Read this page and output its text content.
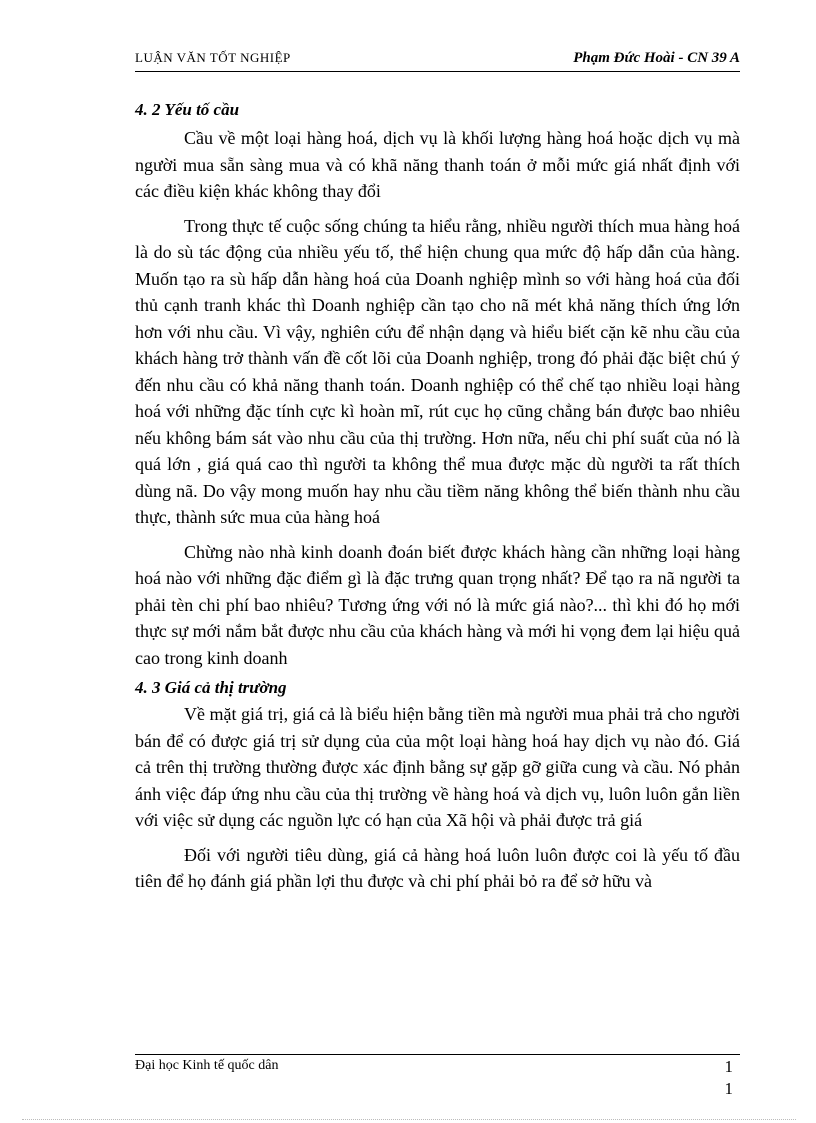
LUẬN VĂN TỐT NGHIỆP	Phạm Đức Hoài - CN 39 A
4. 2 Yếu tố cầu

Cầu về một loại hàng hoá, dịch vụ là khối lượng hàng hoá hoặc dịch vụ mà người mua sẵn sàng mua và có khã năng thanh toán ở mỗi mức giá nhất định với các điều kiện khác không thay đổi

Trong thực tế cuộc sống chúng ta hiểu rằng, nhiều người thích mua hàng hoá là do sù tác động của nhiều yếu tố, thể hiện chung qua mức độ hấp dẫn của hàng. Muốn tạo ra sù hấp dẫn hàng hoá của Doanh nghiệp mình so với hàng hoá của đối thủ cạnh tranh khác thì Doanh nghiệp cần tạo cho nã mét khả năng thích ứng lớn hơn với nhu cầu. Vì vậy, nghiên cứu để nhận dạng và hiểu biết cặn kẽ nhu cầu của khách hàng trở thành vấn đề cốt lõi của Doanh nghiệp, trong đó phải đặc biệt chú ý đến nhu cầu có khả năng thanh toán. Doanh nghiệp có thể chế tạo nhiều loại hàng hoá với những đặc tính cực kì hoàn mĩ, rút cục họ cũng chẳng bán được bao nhiêu nếu không bám sát vào nhu cầu của thị trường. Hơn nữa, nếu chi phí suất của nó là quá lớn , giá quá cao thì người ta không thể mua được mặc dù người ta rất thích dùng nã. Do vậy mong muốn hay nhu cầu tiềm năng không thể biến thành nhu cầu thực, thành sức mua của hàng hoá

Chừng nào nhà kinh doanh đoán biết được khách hàng cần những loại hàng hoá nào với những đặc điểm gì là đặc trưng quan trọng nhất? Để tạo ra nã người ta phải tèn chi phí bao nhiêu? Tương ứng với nó là mức giá nào?... thì khi đó họ mới thực sự mới nắm bắt được nhu cầu của khách hàng và mới hi vọng đem lại hiệu quả cao trong kinh doanh

4. 3 Giá cả thị trường

Về mặt giá trị, giá cả là biểu hiện bằng tiền mà người mua phải trả cho người bán để có được giá trị sử dụng của của một loại hàng hoá hay dịch vụ nào đó. Giá cả trên thị trường thường được xác định bằng sự gặp gỡ giữa cung và cầu. Nó phản ánh việc đáp ứng nhu cầu của thị trường về hàng hoá và dịch vụ, luôn luôn gắn liền với việc sử dụng các nguồn lực có hạn của Xã hội và phải được trả giá

Đối với người tiêu dùng, giá cả hàng hoá luôn luôn được coi là yếu tố đầu tiên để họ đánh giá phần lợi thu được và chi phí phải bỏ ra để sở hữu và

Đại học Kinh tế quốc dân	1
1
